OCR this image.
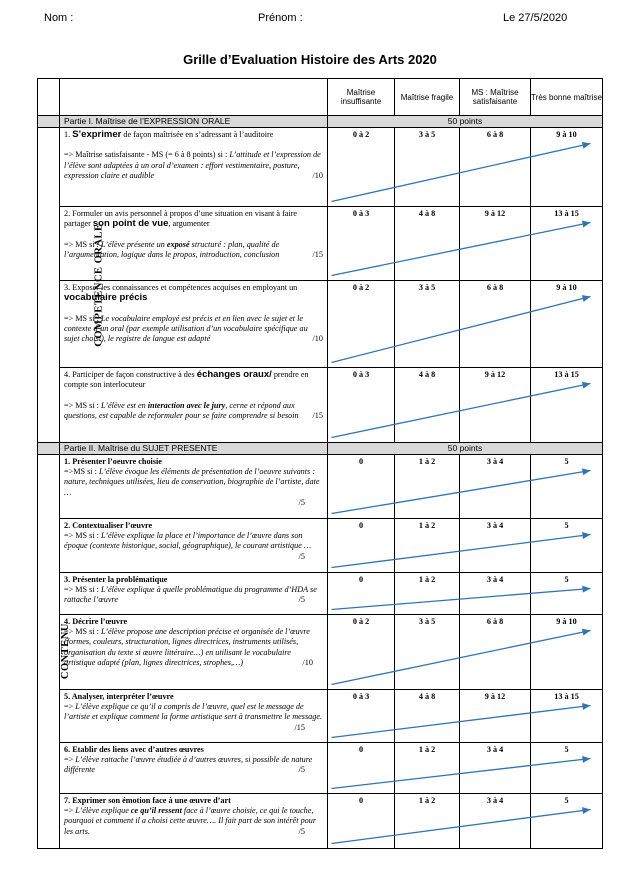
Nom :	Prénom :	Le 27/5/2020
Grille d’Evaluation Histoire des Arts 2020
		Maîtrise insuffisante	Maîtrise fragile	MS : Maîtrise satisfaisante	Très bonne maîtrise
	Partie I. Maîtrise de l’EXPRESSION ORALE	50 points			
COMPETENCE ORALE	1. S’exprimer de façon maîtrisée en s’adressant à l’auditoire

=> Maîtrise satisfaisante - MS (= 6 à 8 points) si : L’attitude et l’expression de l’élève sont adaptées à un oral d’examen : effort vestimentaire, posture, expression claire et audible /10	0 à 2	3 à 5	6 à 8	9 à 10
	2. Formuler un avis personnel à propos d’une situation en visant à faire partager son point de vue, argumenter

=> MS si : L’élève présente un exposé structuré : plan, qualité de l’argumentation, logique dans le propos, introduction, conclusion /15	0 à 3	4 à 8	9 à 12	13 à 15
	3. Exposer les connaissances et compétences acquises en employant un vocabulaire précis

=> MS si : Le vocabulaire employé est précis et en lien avec le sujet et le contexte d’un oral (par exemple utilisation d’un vocabulaire spécifique au sujet choisi), le registre de langue est adapté /10	0 à 2	3 à 5	6 à 8	9 à 10
	4. Participer de façon constructive à des échanges oraux/ prendre en compte son interlocuteur

=> MS si : L’élève est en interaction avec le jury, cerne et répond aux questions, est capable de reformuler pour se faire comprendre si besoin /15	0 à 3	4 à 8	9 à 12	13 à 15
	Partie II. Maîtrise du SUJET PRESENTE	50 points			
CONTENU	1. Présenter l’oeuvre choisie
=>MS si : L’élève évoque les éléments de présentation de l’oeuvre suivants : nature, techniques utilisées, lieu de conservation, biographie de l’artiste, date …

/5	0	1 à 2	3 à 4	5
	2. Contextualiser l’œuvre
=> MS si : L’élève explique la place et l’importance de l’œuvre dans son époque (contexte historique, social, géographique), le courant artistique …
/5	0	1 à 2	3 à 4	5
	3. Présenter la problématique
=> MS si : L’élève explique à quelle problématique du programme d’HDA se rattache l’œuvre /5	0	1 à 2	3 à 4	5
	4. Décrire l’œuvre
=> MS si : L’élève propose une description précise et organisée de l’œuvre (formes, couleurs, structuration, lignes directrices, instruments utilisés, organisation du texte si œuvre littéraire…) en utilisant le vocabulaire artistique adapté (plan, lignes directrices, strophes,…) /10	0 à 2	3 à 5	6 à 8	9 à 10
	5. Analyser, interpréter l’œuvre
=> L’élève explique ce qu’il a compris de l’œuvre, quel est le message de l’artiste et explique comment la forme artistique sert à transmettre le message.
/15	0 à 3	4 à 8	9 à 12	13 à 15
	6. Etablir des liens avec d’autres œuvres
=> L’élève rattache l’œuvre étudiée à d’autres œuvres, si possible de nature différente /5	0	1 à 2	3 à 4	5
	7. Exprimer son émotion face à une œuvre d’art
=> L’élève explique ce qu’il ressent face à l’œuvre choisie, ce qui le touche, pourquoi et comment il a choisi cette œuvre…. Il fait part de son intérêt pour les arts. /5	0	1 à 2	3 à 4	5
